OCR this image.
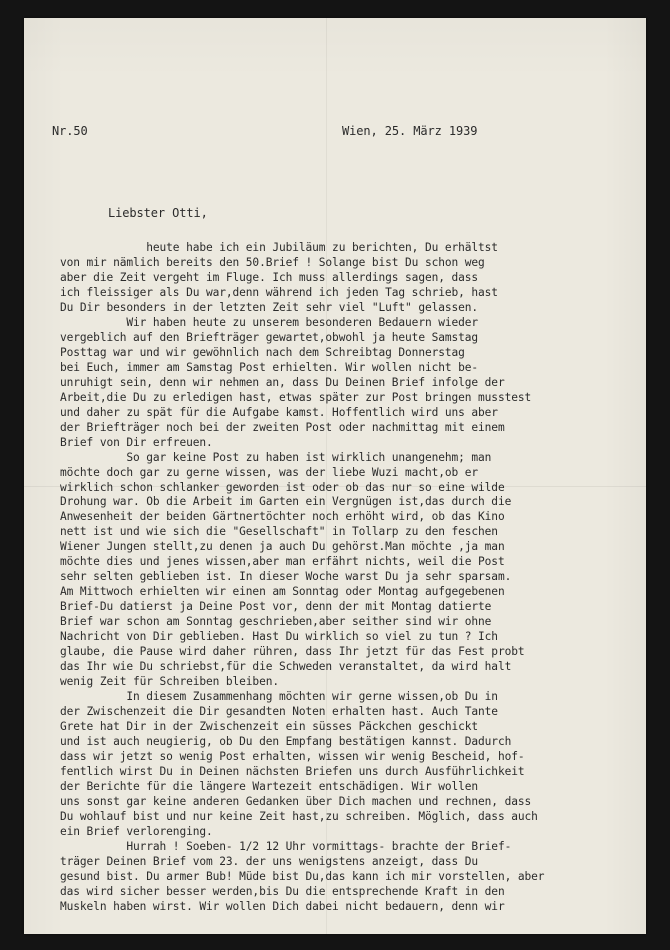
Nr.50	Wien, 25. März 1939
Liebster Otti,
heute habe ich ein Jubiläum zu berichten, Du erhältst
von mir nämlich bereits den 50.Brief ! Solange bist Du schon weg
aber die Zeit vergeht im Fluge. Ich muss allerdings sagen, dass
ich fleissiger als Du war,denn während ich jeden Tag schrieb, hast
Du Dir besonders in der letzten Zeit sehr viel "Luft" gelassen.
Wir haben heute zu unserem besonderen Bedauern wieder
vergeblich auf den Briefträger gewartet,obwohl ja heute Samstag
Posttag war und wir gewöhnlich nach dem Schreibtag Donnerstag
bei Euch, immer am Samstag Post erhielten. Wir wollen nicht be-
unruhigt sein, denn wir nehmen an, dass Du Deinen Brief infolge der
Arbeit,die Du zu erledigen hast, etwas später zur Post bringen musstest
und daher zu spät für die Aufgabe kamst. Hoffentlich wird uns aber
der Briefträger noch bei der zweiten Post oder nachmittag mit einem
Brief von Dir erfreuen.
So gar keine Post zu haben ist wirklich unangenehm; man
möchte doch gar zu gerne wissen, was der liebe Wuzi macht,ob er
wirklich schon schlanker geworden ist oder ob das nur so eine wilde
Drohung war. Ob die Arbeit im Garten ein Vergnügen ist,das durch die
Anwesenheit der beiden Gärtnertöchter noch erhöht wird, ob das Kino
nett ist und wie sich die "Gesellschaft" in Tollarp zu den feschen
Wiener Jungen stellt,zu denen ja auch Du gehörst.Man möchte ,ja man
möchte dies und jenes wissen,aber man erfährt nichts, weil die Post
sehr selten geblieben ist. In dieser Woche warst Du ja sehr sparsam.
Am Mittwoch erhielten wir einen am Sonntag oder Montag aufgegebenen
Brief-Du datierst ja Deine Post vor, denn der mit Montag datierte
Brief war schon am Sonntag geschrieben,aber seither sind wir ohne
Nachricht von Dir geblieben. Hast Du wirklich so viel zu tun ? Ich
glaube, die Pause wird daher rühren, dass Ihr jetzt für das Fest probt
das Ihr wie Du schriebst,für die Schweden veranstaltet, da wird halt
wenig Zeit für Schreiben bleiben.
In diesem Zusammenhang möchten wir gerne wissen,ob Du in
der Zwischenzeit die Dir gesandten Noten erhalten hast. Auch Tante
Grete hat Dir in der Zwischenzeit ein süsses Päckchen geschickt
und ist auch neugierig, ob Du den Empfang bestätigen kannst. Dadurch
dass wir jetzt so wenig Post erhalten, wissen wir wenig Bescheid, hof-
fentlich wirst Du in Deinen nächsten Briefen uns durch Ausführlichkeit
der Berichte für die längere Wartezeit entschädigen. Wir wollen
uns sonst gar keine anderen Gedanken über Dich machen und rechnen, dass
Du wohlauf bist und nur keine Zeit hast,zu schreiben. Möglich, dass auch
ein Brief verlorenging.
Hurrah ! Soeben- 1/2 12 Uhr vormittags- brachte der Brief-
träger Deinen Brief vom 23. der uns wenigstens anzeigt, dass Du
gesund bist. Du armer Bub! Müde bist Du,das kann ich mir vorstellen, aber
das wird sicher besser werden,bis Du die entsprechende Kraft in den
Muskeln haben wirst. Wir wollen Dich dabei nicht bedauern, denn wir
